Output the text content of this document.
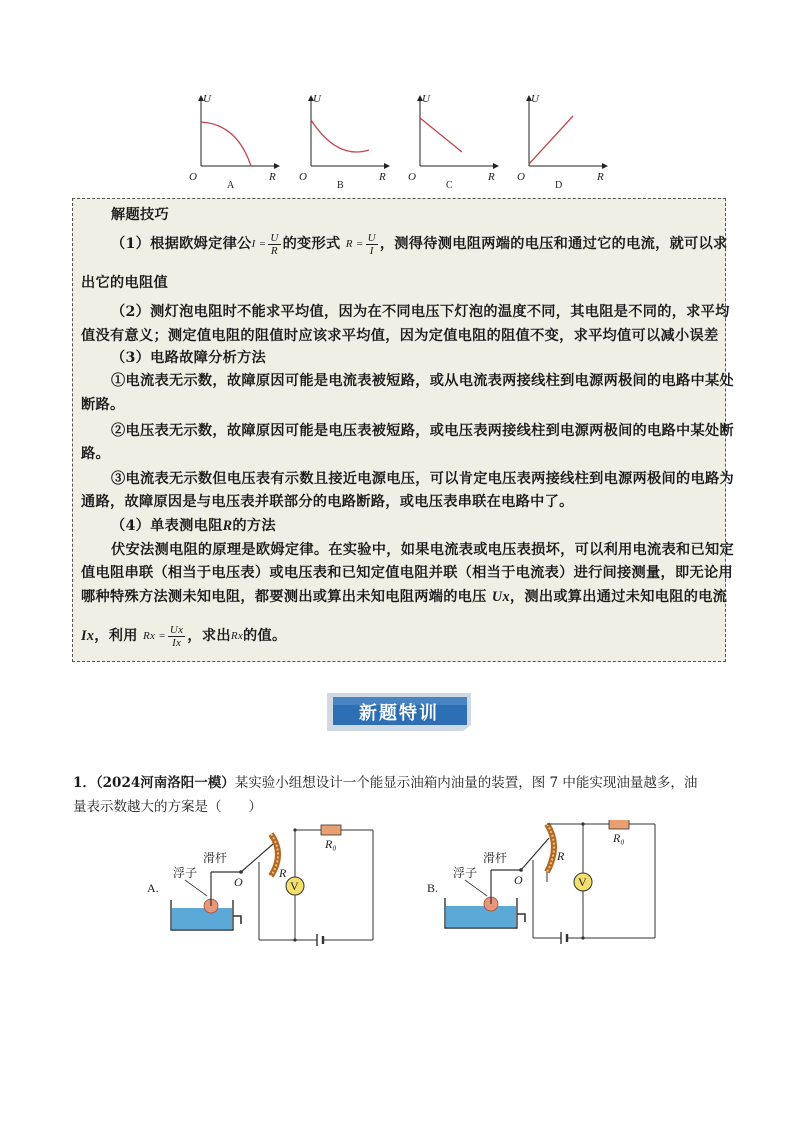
U
O	R
A
U
O	R
B
U
O	R
C
U
O	R
D
解题技巧
（1）根据欧姆定律公$I = \frac{U}{R}$ 的变形式 $R = \frac{U}{I}$ ，测得待测电阻两端的电压和通过它的电流，就可以求
出它的电阻值
（2）测灯泡电阻时不能求平均值，因为在不同电压下灯泡的温度不同，其电阻是不同的，求平均
值没有意义；测定值电阻的阻值时应该求平均值，因为定值电阻的阻值不变，求平均值可以减小误差
（3）电路故障分析方法
①电流表无示数，故障原因可能是电流表被短路，或从电流表两接线柱到电源两极间的电路中某处
断路。
②电压表无示数，故障原因可能是电压表被短路，或电压表两接线柱到电源两极间的电路中某处断
路。
③电流表无示数但电压表有示数且接近电源电压，可以肯定电压表两接线柱到电源两极间的电路为
通路，故障原因是与电压表并联部分的电路断路，或电压表串联在电路中了。
（4）单表测电阻R的方法
伏安法测电阻的原理是欧姆定律。在实验中，如果电流表或电压表损坏，可以利用电流表和已知定
值电阻串联（相当于电压表）或电压表和已知定值电阻并联（相当于电流表）进行间接测量，即无论用
哪种特殊方法测未知电阻，都要测出或算出未知电阻两端的电压 Ux，测出或算出通过未知电阻的电流
Ix，利用 $Rx = \frac{Ux}{Ix}$ ，求出Rx的值。
新题特训
1．（2024河南洛阳一模）某实验小组想设计一个能显示油箱内油量的装置，图 7 中能实现油量越多，油
量表示数越大的方案是（　　）
A.
浮子
滑杆
O
R
V
R₀
B.
浮子
滑杆
O
R
V
R₀
